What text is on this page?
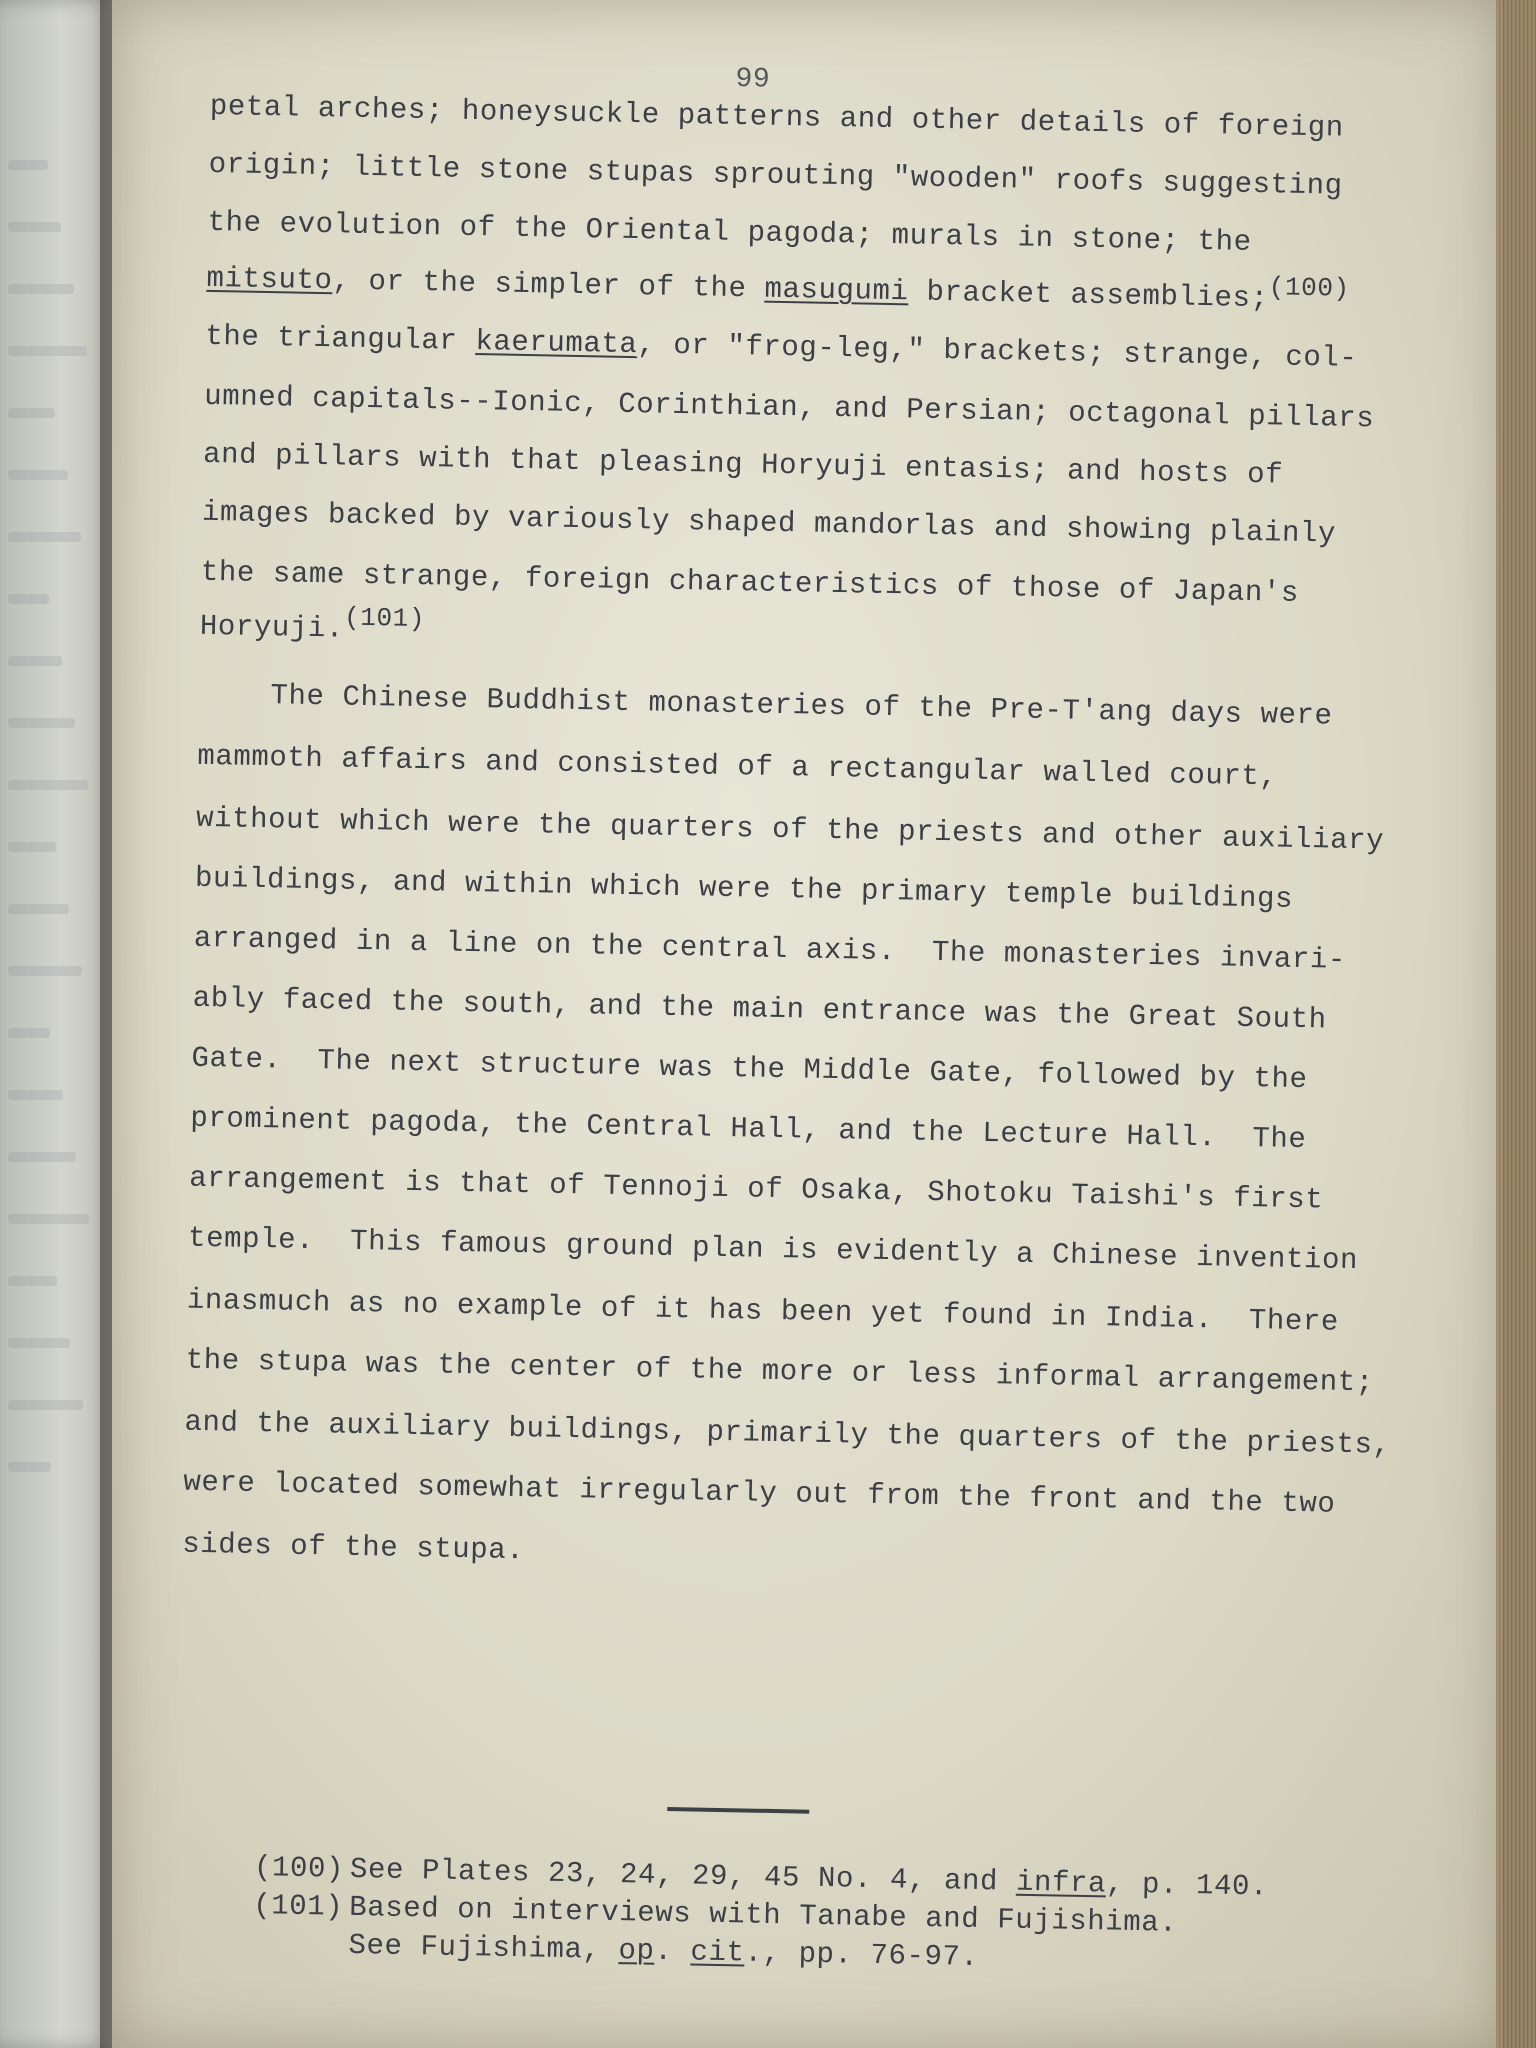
99
petal arches; honeysuckle patterns and other details of foreign
origin; little stone stupas sprouting "wooden" roofs suggesting
the evolution of the Oriental pagoda; murals in stone; the
mitsuto, or the simpler of the masugumi bracket assemblies;(100)
the triangular kaerumata, or "frog-leg," brackets; strange, col-
umned capitals--Ionic, Corinthian, and Persian; octagonal pillars
and pillars with that pleasing Horyuji entasis; and hosts of
images backed by variously shaped mandorlas and showing plainly
the same strange, foreign characteristics of those of Japan's
Horyuji.(101)
The Chinese Buddhist monasteries of the Pre-T'ang days were
mammoth affairs and consisted of a rectangular walled court,
without which were the quarters of the priests and other auxiliary
buildings, and within which were the primary temple buildings
arranged in a line on the central axis.  The monasteries invari-
ably faced the south, and the main entrance was the Great South
Gate.  The next structure was the Middle Gate, followed by the
prominent pagoda, the Central Hall, and the Lecture Hall.  The
arrangement is that of Tennoji of Osaka, Shotoku Taishi's first
temple.  This famous ground plan is evidently a Chinese invention
inasmuch as no example of it has been yet found in India.  There
the stupa was the center of the more or less informal arrangement;
and the auxiliary buildings, primarily the quarters of the priests,
were located somewhat irregularly out from the front and the two
sides of the stupa.
(100) See Plates 23, 24, 29, 45 No. 4, and infra, p. 140.
(101) Based on interviews with Tanabe and Fujishima.
See Fujishima, op. cit., pp. 76-97.
